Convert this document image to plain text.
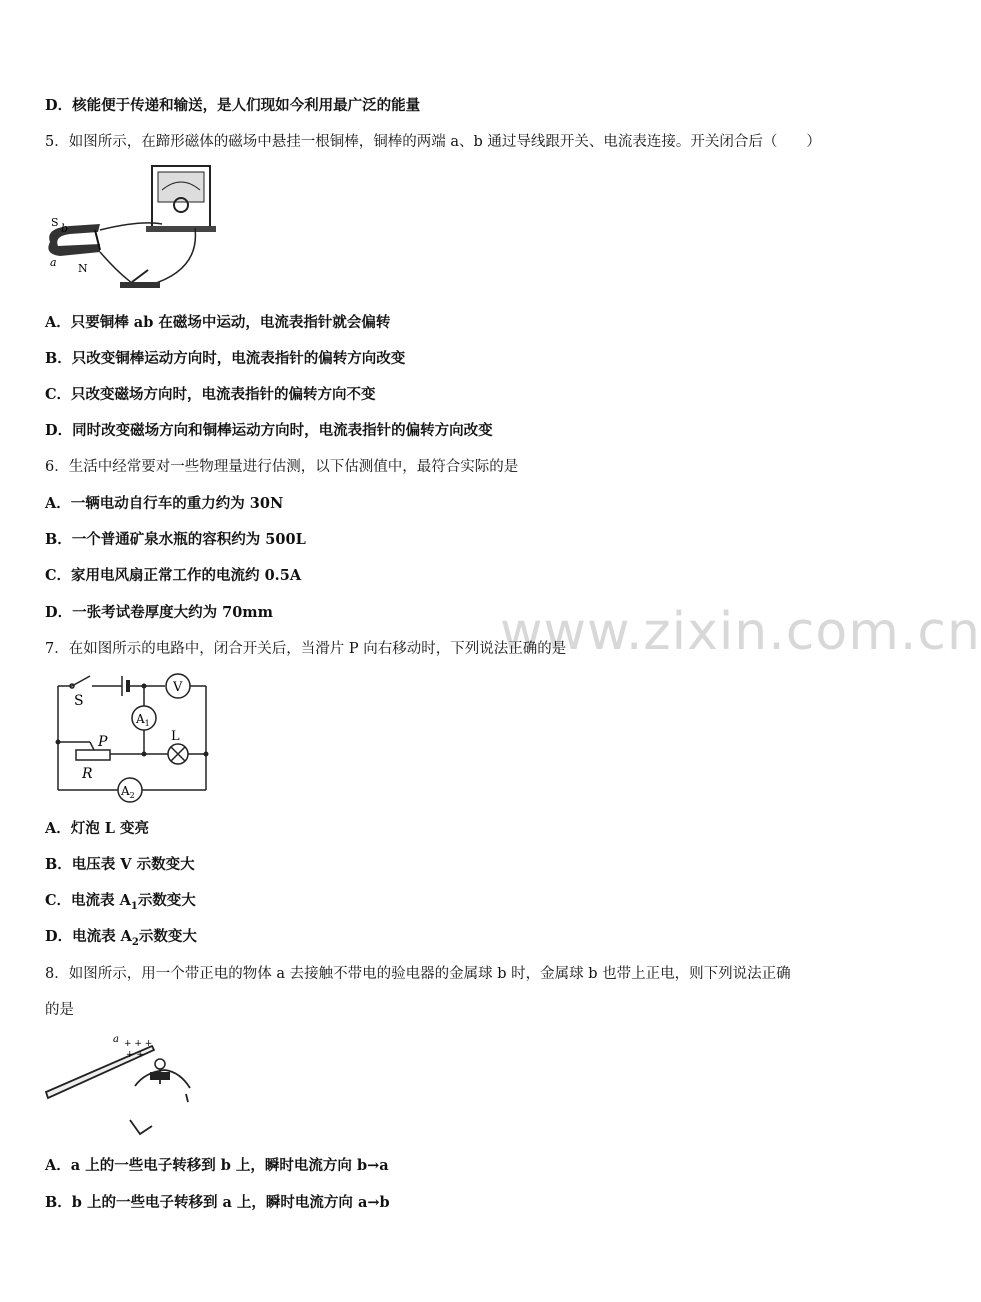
www.zixin.com.cn
D．核能便于传递和输送，是人们现如今利用最广泛的能量
5．如图所示，在蹄形磁体的磁场中悬挂一根铜棒，铜棒的两端 a、b 通过导线跟开关、电流表连接。开关闭合后（　　）
S b
a N
A．只要铜棒 ab 在磁场中运动，电流表指针就会偏转
B．只改变铜棒运动方向时，电流表指针的偏转方向改变
C．只改变磁场方向时，电流表指针的偏转方向不变
D．同时改变磁场方向和铜棒运动方向时，电流表指针的偏转方向改变
6．生活中经常要对一些物理量进行估测，以下估测值中，最符合实际的是
A．一辆电动自行车的重力约为 30N
B．一个普通矿泉水瓶的容积约为 500L
C．家用电风扇正常工作的电流约 0.5A
D．一张考试卷厚度大约为 70mm
7．在如图所示的电路中，闭合开关后，当滑片 P 向右移动时，下列说法正确的是
S
V
$A_1$
P	L
R
$A_2$
A．灯泡 L 变亮
B．电压表 V 示数变大
C．电流表 $A_1$示数变大
D．电流表 $A_2$示数变大
8．如图所示，用一个带正电的物体 a 去接触不带电的验电器的金属球 b 时，金属球 b 也带上正电，则下列说法正确
的是
a + + +
+ +
A．a 上的一些电子转移到 b 上，瞬时电流方向 b→a
B．b 上的一些电子转移到 a 上，瞬时电流方向 a→b
